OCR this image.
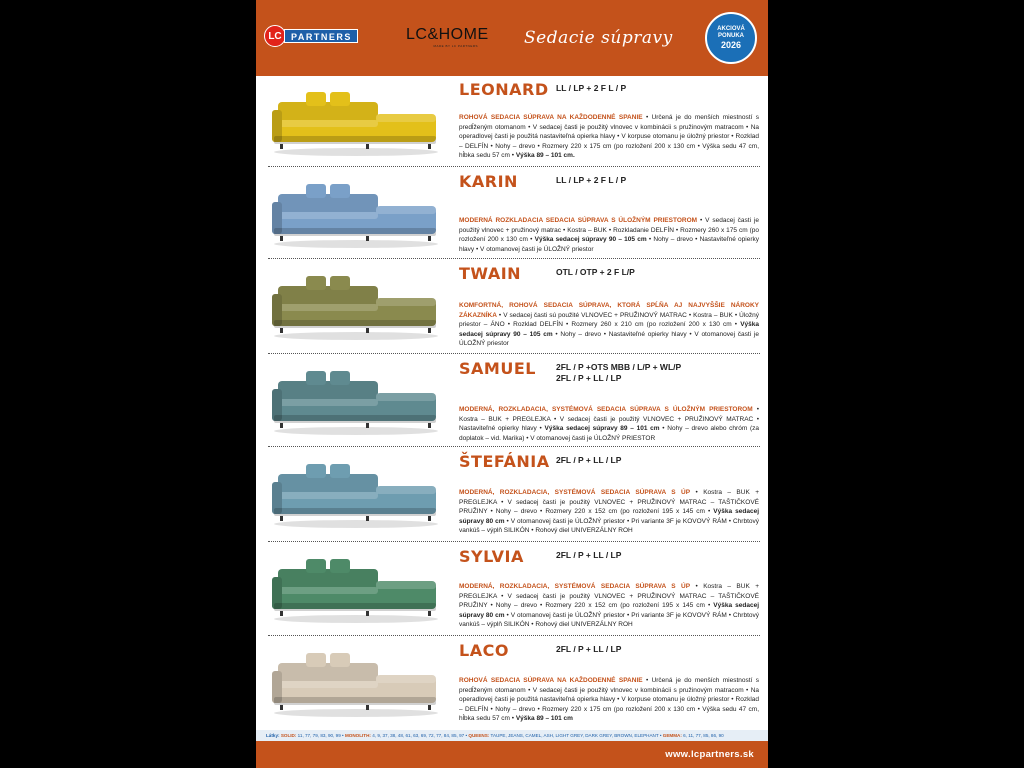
LC	PARTNERS	LC&HOME
MADE BY LC PARTNERS	Sedacie súpravy	AKCIOVÁ
PONUKA
2026
LEONARD LL / LP + 2 F L / P
ROHOVÁ SEDACIA SÚPRAVA NA KAŽDODENNÉ SPANIE • Určená je do menších miestností s predĺženým otomanom • V sedacej časti je použitý vlnovec v kombinácii s pružinovým matracom • Na operadlovej časti je použitá nastaviteľná opierka hlavy • V korpuse otomanu je úložný priestor • Rozklad – DELFÍN • Nohy – drevo • Rozmery 220 x 175 cm (po rozložení 200 x 130 cm • Výška sedu 47 cm, hĺbka sedu 57 cm • Výška 89 – 101 cm.
KARIN	LL / LP + 2 F L / P
MODERNÁ ROZKLADACIA SEDACIA SÚPRAVA S ÚLOŽNÝM PRIESTOROM • V sedacej časti je použitý vlnovec + pružinový matrac • Kostra – BUK • Rozkladanie DELFÍN • Rozmery 260 x 175 cm (po rozložení 200 x 130 cm • Výška sedacej súpravy 90 – 105 cm • Nohy – drevo • Nastaviteľné opierky hlavy • V otomanovej časti je ÚLOŽNÝ priestor
TWAIN	OTL / OTP + 2 F L/P
KOMFORTNÁ, ROHOVÁ SEDACIA SÚPRAVA, KTORÁ SPĹŇA AJ NAJVYŠŠIE NÁROKY ZÁKAZNÍKA • V sedacej časti sú použité VLNOVEC + PRUŽINOVÝ MATRAC • Kostra – BUK • Úložný priestor – ÁNO • Rozklad DELFÍN • Rozmery 260 x 210 cm (po rozložení 200 x 130 cm • Výška sedacej súpravy 90 – 105 cm • Nohy – drevo • Nastaviteľné opierky hlavy • V otomanovej časti je ÚLOŽNÝ priestor
SAMUEL 2FL / P +OTS MBB / L/P + WL/P
2FL / P + LL / LP
MODERNÁ, ROZKLADACIA, SYSTÉMOVÁ SEDACIA SÚPRAVA S ÚLOŽNÝM PRIESTOROM • Kostra – BUK + PREGLEJKA • V sedacej časti je použitý VLNOVEC + PRUŽINOVÝ MATRAC • Nastaviteľné opierky hlavy • Výška sedacej súpravy 89 – 101 cm • Nohy – drevo alebo chróm (za doplatok – vid. Marika) • V otomanovej časti je ÚLOŽNÝ PRIESTOR
ŠTEFÁNIA 2FL / P + LL / LP
MODERNÁ, ROZKLADACIA, SYSTÉMOVÁ SEDACIA SÚPRAVA S ÚP • Kostra – BUK + PREGLEJKA • V sedacej časti je použitý VLNOVEC + PRUŽINOVÝ MATRAC – TAŠTIČKOVÉ PRUŽINY • Nohy – drevo • Rozmery 220 x 152 cm (po rozložení 195 x 145 cm • Výška sedacej súpravy 80 cm • V otomanovej časti je ÚLOŽNÝ priestor • Pri variante 3F je KOVOVÝ RÁM • Chrbtový vankúš – výplň SILIKÓN • Rohový diel UNIVERZÁLNY ROH
SYLVIA	2FL / P + LL / LP
MODERNÁ, ROZKLADACIA, SYSTÉMOVÁ SEDACIA SÚPRAVA S ÚP • Kostra – BUK + PREGLEJKA • V sedacej časti je použitý VLNOVEC + PRUŽINOVÝ MATRAC – TAŠTIČKOVÉ PRUŽINY • Nohy – drevo • Rozmery 220 x 152 cm (po rozložení 195 x 145 cm • Výška sedacej súpravy 80 cm • V otomanovej časti je ÚLOŽNÝ priestor • Pri variante 3F je KOVOVÝ RÁM • Chrbtový vankúš – výplň SILIKÓN • Rohový diel UNIVERZÁLNY ROH
LACO	2FL / P + LL / LP
ROHOVÁ SEDACIA SÚPRAVA NA KAŽDODENNÉ SPANIE • Určená je do menších miestností s predĺženým otomanom • V sedacej časti je použitý vlnovec v kombinácii s pružinovým matracom • Na operadlovej časti je použitá nastaviteľná opierka hlavy • V korpuse otomanu je úložný priestor • Rozklad – DELFÍN • Nohy – drevo • Rozmery 220 x 175 cm (po rozložení 200 x 130 cm • Výška sedu 47 cm, hĺbka sedu 57 cm • Výška 89 – 101 cm
Látky: SOLID: 11, 77, 79, 83, 90, 99 • MONOLITH: 4, 9, 37, 38, 48, 61, 63, 69, 72, 77, 84, 85, 97 • QUEENS: TAUPE, JEANS, CAMEL, ASH, LIGHT GREY, DARK GREY, BROWN, ELEPHANT • GEMMA: 6, 11, 77, 85, 86, 90
www.lcpartners.sk
